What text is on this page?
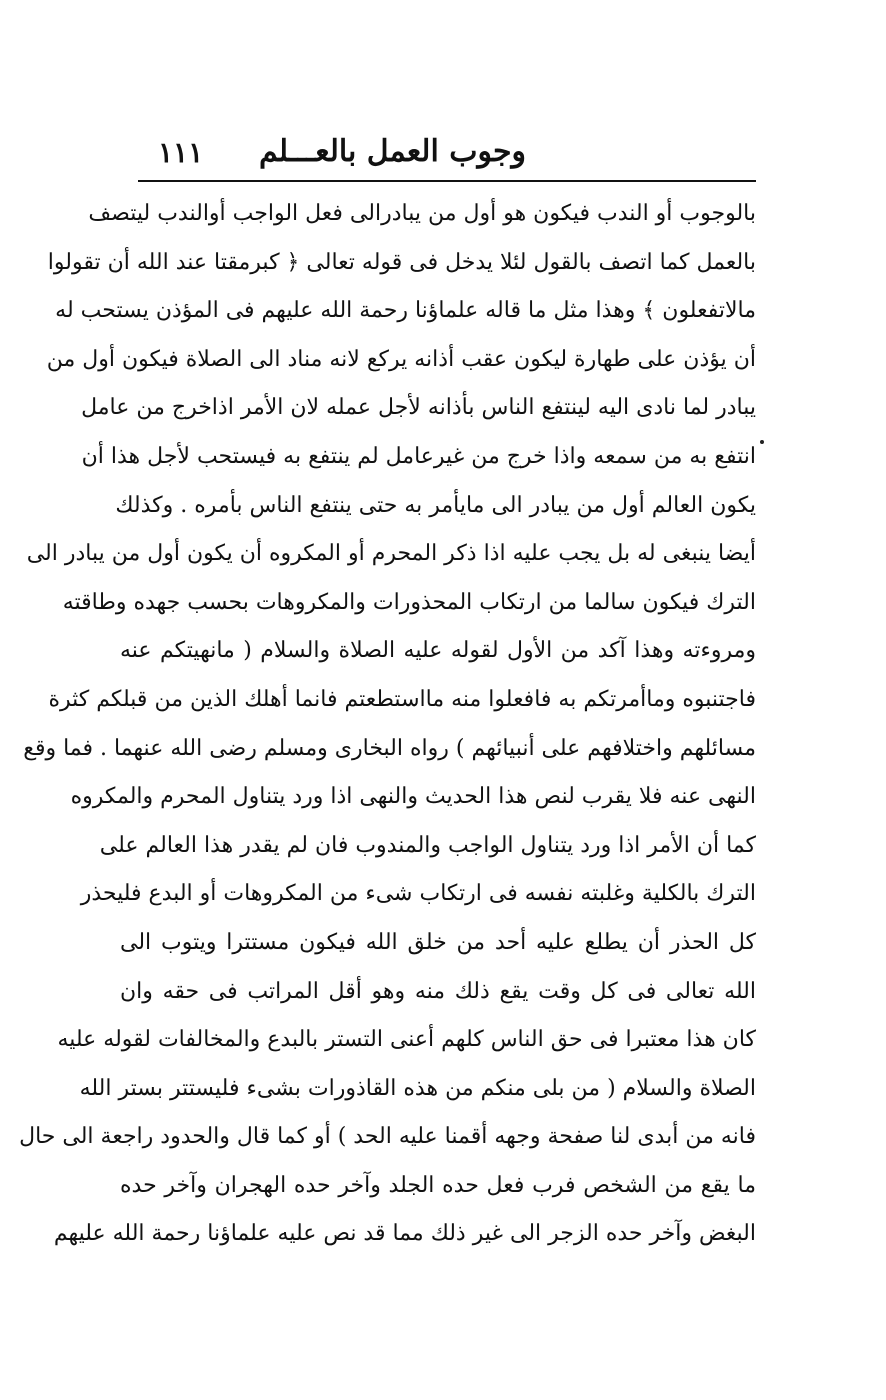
وجوب العمل بالعـــلم
١١١
بالوجوب أو الندب فيكون هو أول من يبادرالى فعل الواجب أوالندب ليتصف
بالعمل كما اتصف بالقول لئلا يدخل فى قوله تعالى ﴿ كبرمقتا عند الله أن تقولوا
مالاتفعلون ﴾ وهذا مثل ما قاله علماؤنا رحمة الله عليهم فى المؤذن يستحب له
أن يؤذن على طهارة ليكون عقب أذانه يركع لانه مناد الى الصلاة فيكون أول من
يبادر لما نادى اليه لينتفع الناس بأذانه لأجل عمله لان الأمر اذاخرج من عامل
انتفع به من سمعه واذا خرج من غيرعامل لم ينتفع به فيستحب لأجل هذا أن
يكون العالم أول من يبادر الى مايأمر به حتى ينتفع الناس بأمره . وكذلك
أيضا ينبغى له بل يجب عليه اذا ذكر المحرم أو المكروه أن يكون أول من يبادر الى
الترك فيكون سالما من ارتكاب المحذورات والمكروهات بحسب جهده وطاقته
ومروءته وهذا آكد من الأول لقوله عليه الصلاة والسلام ( مانهيتكم عنه
فاجتنبوه وماأمرتكم به فافعلوا منه مااستطعتم فانما أهلك الذين من قبلكم كثرة
مسائلهم واختلافهم على أنبيائهم ) رواه البخارى ومسلم رضى الله عنهما . فما وقع
النهى عنه فلا يقرب لنص هذا الحديث والنهى اذا ورد يتناول المحرم والمكروه
كما أن الأمر اذا ورد يتناول الواجب والمندوب فان لم يقدر هذا العالم على
الترك بالكلية وغلبته نفسه فى ارتكاب شىء من المكروهات أو البدع فليحذر
كل الحذر أن يطلع عليه أحد من خلق الله فيكون مستترا ويتوب الى
الله تعالى فى كل وقت يقع ذلك منه وهو أقل المراتب فى حقه وان
كان هذا معتبرا فى حق الناس كلهم أعنى التستر بالبدع والمخالفات لقوله عليه
الصلاة والسلام ( من بلى منكم من هذه القاذورات بشىء فليستتر بستر الله
فانه من أبدى لنا صفحة وجهه أقمنا عليه الحد ) أو كما قال والحدود راجعة الى حال
ما يقع من الشخص فرب فعل حده الجلد وآخر حده الهجران وآخر حده
البغض وآخر حده الزجر الى غير ذلك مما قد نص عليه علماؤنا رحمة الله عليهم
